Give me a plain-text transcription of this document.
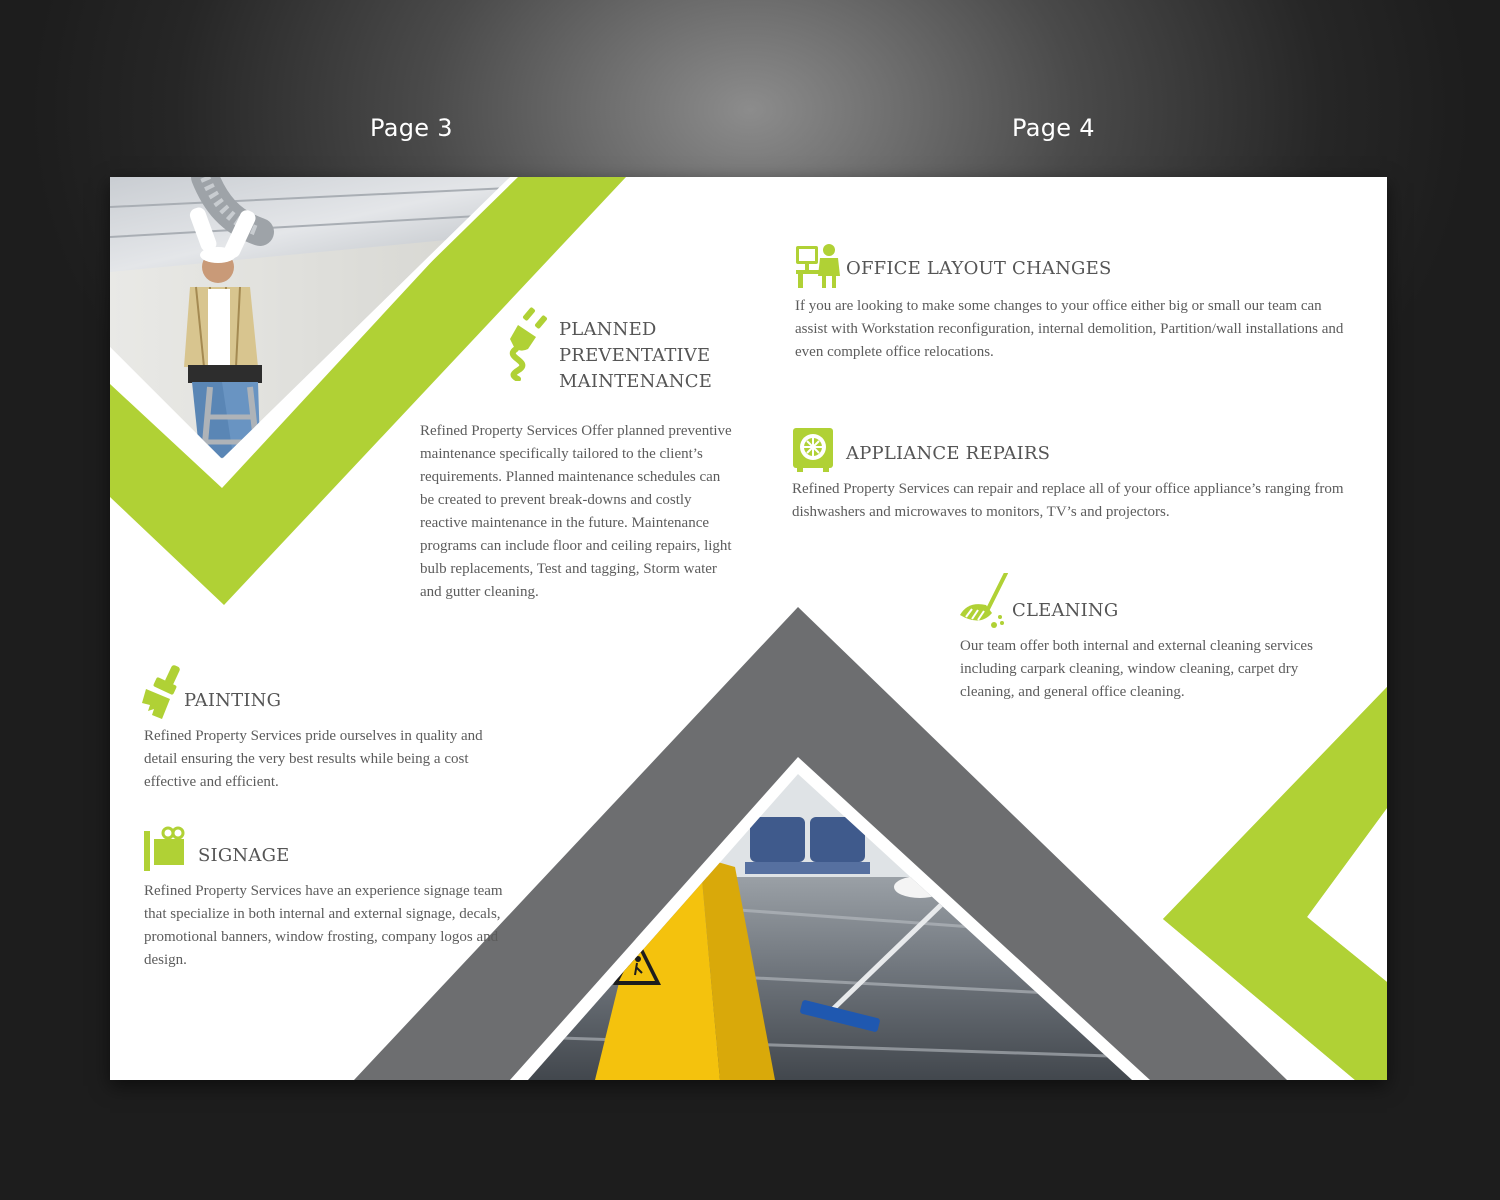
Page 3	Page 4
PLANNED
PREVENTATIVE
MAINTENANCE

Refined Property Services Offer planned preventive maintenance specifically tailored to the client’s requirements. Planned maintenance schedules can be created to prevent break-downs and costly reactive maintenance in the future. Maintenance programs can include floor and ceiling repairs, light bulb replacements, Test and tagging, Storm water and gutter cleaning.

PAINTING

Refined Property Services pride ourselves in quality and detail ensuring the very best results while being a cost effective and efficient.

SIGNAGE

Refined Property Services have an experience signage team that specialize in both internal and external signage, decals, promotional banners, window frosting, company logos and design.

OFFICE LAYOUT CHANGES

If you are looking to make some changes to your office either big or small our team can assist with Workstation reconfiguration, internal demolition, Partition/wall installations and even complete office relocations.

APPLIANCE REPAIRS

Refined Property Services can repair and replace all of your office appliance’s ranging from dishwashers and microwaves to monitors, TV’s and projectors.

CLEANING

Our team offer both internal and external cleaning services including carpark cleaning, window cleaning, carpet dry cleaning, and general office cleaning.
